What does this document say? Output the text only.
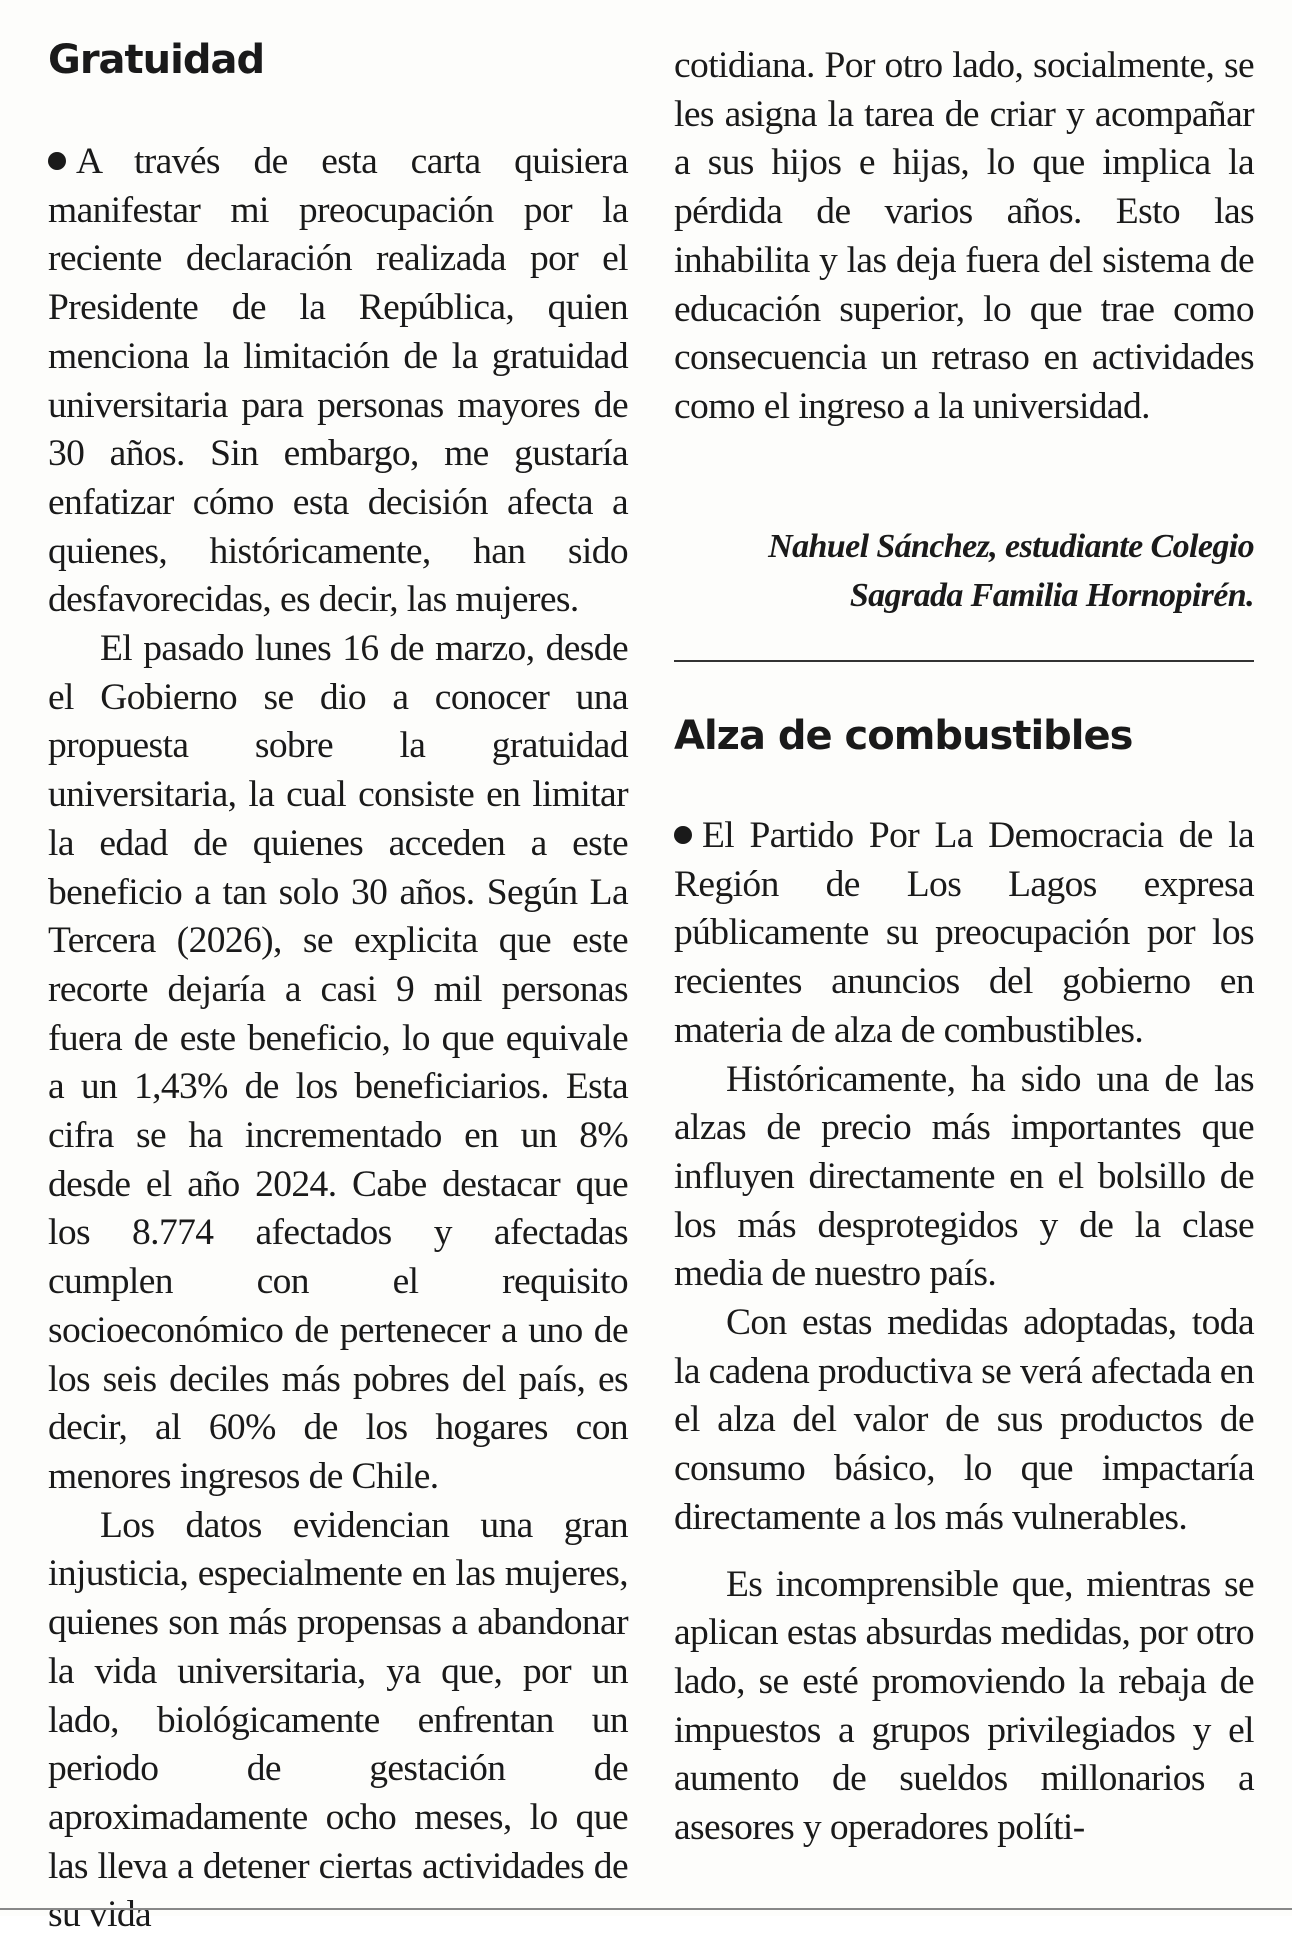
Gratuidad

A través de esta carta quisiera manifestar mi preocupación por la reciente declaración realizada por el Presidente de la República, quien menciona la limitación de la gratuidad universitaria para personas mayores de 30 años. Sin embargo, me gustaría enfatizar cómo esta decisión afecta a quienes, históricamente, han sido desfavorecidas, es decir, las mujeres.

El pasado lunes 16 de marzo, desde el Gobierno se dio a conocer una propuesta sobre la gratuidad universitaria, la cual consiste en limitar la edad de quienes acceden a este beneficio a tan solo 30 años. Según La Tercera (2026), se explicita que este recorte dejaría a casi 9 mil personas fuera de este beneficio, lo que equivale a un 1,43% de los beneficiarios. Esta cifra se ha incrementado en un 8% desde el año 2024. Cabe destacar que los 8.774 afectados y afectadas cumplen con el requisito socioeconómico de pertenecer a uno de los seis deciles más pobres del país, es decir, al 60% de los hogares con menores ingresos de Chile.

Los datos evidencian una gran injusticia, especialmente en las mujeres, quienes son más propensas a abandonar la vida universitaria, ya que, por un lado, biológicamente enfrentan un periodo de gestación de aproximadamente ocho meses, lo que las lleva a detener ciertas actividades de su vida

cotidiana. Por otro lado, socialmente, se les asigna la tarea de criar y acompañar a sus hijos e hijas, lo que implica la pérdida de varios años. Esto las inhabilita y las deja fuera del sistema de educación superior, lo que trae como consecuencia un retraso en actividades como el ingreso a la universidad.

Nahuel Sánchez, estudiante Colegio

Sagrada Familia Hornopirén.

Alza de combustibles

El Partido Por La Democracia de la Región de Los Lagos expresa públicamente su preocupación por los recientes anuncios del gobierno en materia de alza de combustibles.

Históricamente, ha sido una de las alzas de precio más importantes que influyen directamente en el bolsillo de los más desprotegidos y de la clase media de nuestro país.

Con estas medidas adoptadas, toda la cadena productiva se verá afectada en el alza del valor de sus productos de consumo básico, lo que impactaría directamente a los más vulnerables.

Es incomprensible que, mientras se aplican estas absurdas medidas, por otro lado, se esté promoviendo la rebaja de impuestos a grupos privilegiados y el aumento de sueldos millonarios a asesores y operadores políti-
